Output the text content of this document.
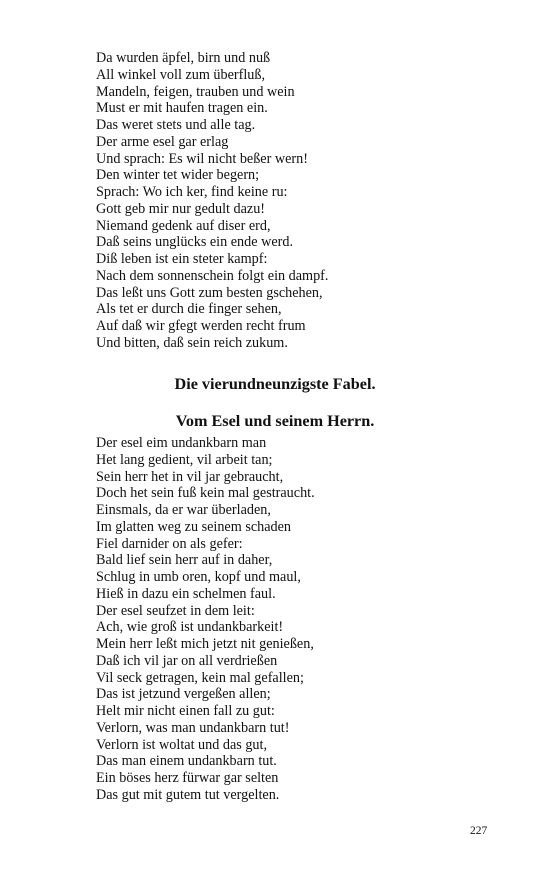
Da wurden äpfel, birn und nuß
All winkel voll zum überfluß,
Mandeln, feigen, trauben und wein
Must er mit haufen tragen ein.
Das weret stets und alle tag.
Der arme esel gar erlag
Und sprach: Es wil nicht beßer wern!
Den winter tet wider begern;
Sprach: Wo ich ker, find keine ru:
Gott geb mir nur gedult dazu!
Niemand gedenk auf diser erd,
Daß seins unglücks ein ende werd.
Diß leben ist ein steter kampf:
Nach dem sonnenschein folgt ein dampf.
Das leßt uns Gott zum besten gschehen,
Als tet er durch die finger sehen,
Auf daß wir gfegt werden recht frum
Und bitten, daß sein reich zukum.
Die vierundneunzigste Fabel.
Vom Esel und seinem Herrn.
Der esel eim undankbarn man
Het lang gedient, vil arbeit tan;
Sein herr het in vil jar gebraucht,
Doch het sein fuß kein mal gestraucht.
Einsmals, da er war überladen,
Im glatten weg zu seinem schaden
Fiel darnider on als gefer:
Bald lief sein herr auf in daher,
Schlug in umb oren, kopf und maul,
Hieß in dazu ein schelmen faul.
Der esel seufzet in dem leit:
Ach, wie groß ist undankbarkeit!
Mein herr leßt mich jetzt nit genießen,
Daß ich vil jar on all verdrießen
Vil seck getragen, kein mal gefallen;
Das ist jetzund vergeßen allen;
Helt mir nicht einen fall zu gut:
Verlorn, was man undankbarn tut!
Verlorn ist woltat und das gut,
Das man einem undankbarn tut.
Ein böses herz fürwar gar selten
Das gut mit gutem tut vergelten.
227
